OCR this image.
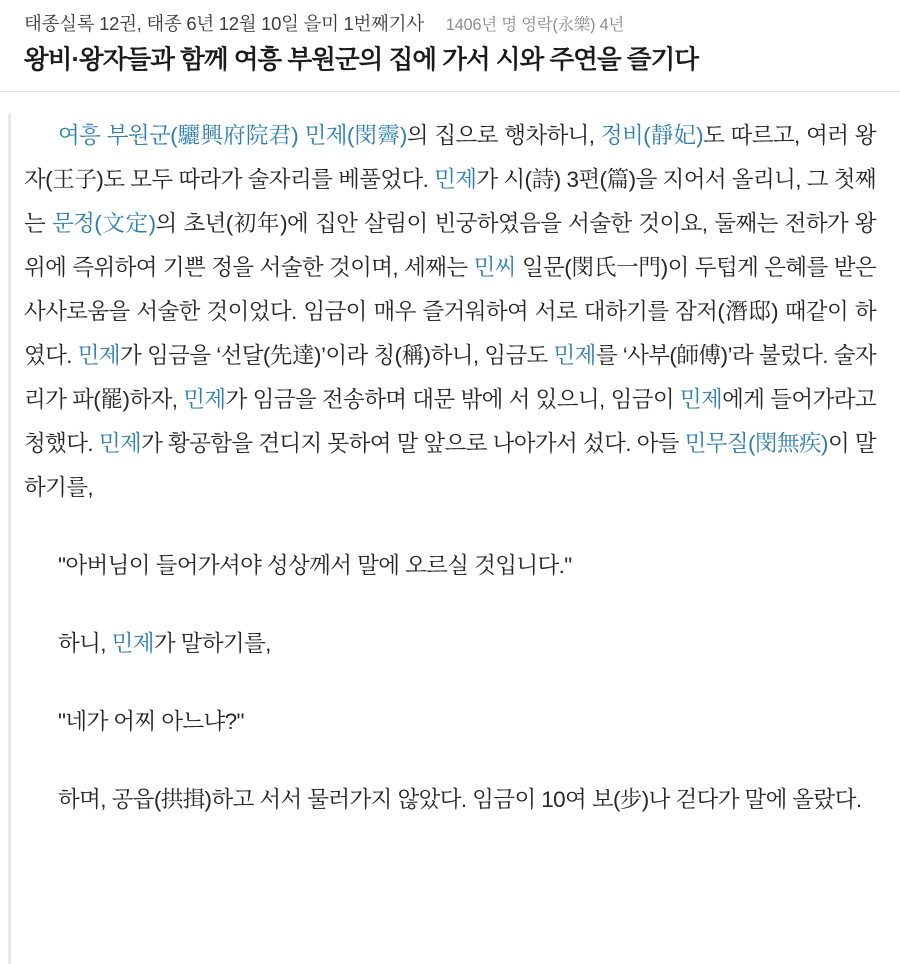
태종실록 12권, 태종 6년 12월 10일 을미 1번째기사 1406년 명 영락(永樂) 4년
왕비·왕자들과 함께 여흥 부원군의 집에 가서 시와 주연을 즐기다

여흥 부원군(驪興府院君) 민제(閔霽)의 집으로 행차하니, 정비(靜妃)도 따르고, 여러 왕자(王子)도 모두 따라가 술자리를 베풀었다. 민제가 시(詩) 3편(篇)을 지어서 올리니, 그 첫째는 문정(文定)의 초년(初年)에 집안 살림이 빈궁하였음을 서술한 것이요, 둘째는 전하가 왕위에 즉위하여 기쁜 정을 서술한 것이며, 세째는 민씨 일문(閔氏一門)이 두텁게 은혜를 받은 사사로움을 서술한 것이었다. 임금이 매우 즐거워하여 서로 대하기를 잠저(潛邸) 때같이 하였다. 민제가 임금을 ‘선달(先達)’이라 칭(稱)하니, 임금도 민제를 ‘사부(師傅)’라 불렀다. 술자리가 파(罷)하자, 민제가 임금을 전송하며 대문 밖에 서 있으니, 임금이 민제에게 들어가라고 청했다. 민제가 황공함을 견디지 못하여 말 앞으로 나아가서 섰다. 아들 민무질(閔無疾)이 말하기를,

"아버님이 들어가셔야 성상께서 말에 오르실 것입니다."

하니, 민제가 말하기를,

"네가 어찌 아느냐?"

하며, 공읍(拱揖)하고 서서 물러가지 않았다. 임금이 10여 보(步)나 걷다가 말에 올랐다.
